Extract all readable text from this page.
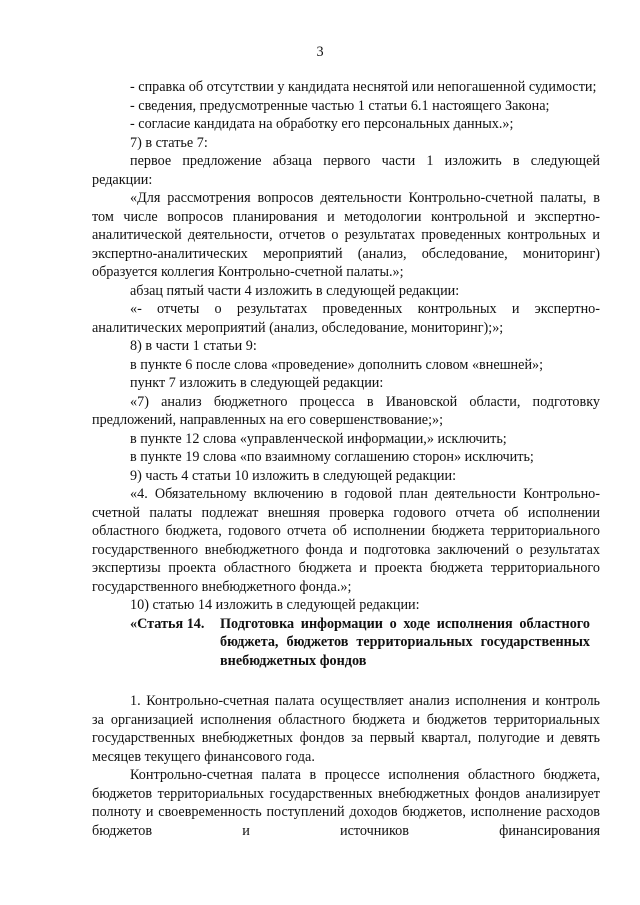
3

- справка об отсутствии у кандидата неснятой или непогашенной судимости;

- сведения, предусмотренные частью 1 статьи 6.1 настоящего Закона;

- согласие кандидата на обработку его персональных данных.»;

7) в статье 7:

первое предложение абзаца первого части 1 изложить в следующей редакции:

«Для рассмотрения вопросов деятельности Контрольно-счетной палаты, в том числе вопросов планирования и методологии контрольной и экспертно-аналитической деятельности, отчетов о результатах проведенных контрольных и экспертно-аналитических мероприятий (анализ, обследование, мониторинг) образуется коллегия Контрольно-счетной палаты.»;

абзац пятый части 4 изложить в следующей редакции:

«- отчеты о результатах проведенных контрольных и экспертно-аналитических мероприятий (анализ, обследование, мониторинг);»;

8) в части 1 статьи 9:

в пункте 6 после слова «проведение» дополнить словом «внешней»;

пункт 7 изложить в следующей редакции:

«7) анализ бюджетного процесса в Ивановской области, подготовку предложений, направленных на его совершенствование;»;

в пункте 12 слова «управленческой информации,» исключить;

в пункте 19 слова «по взаимному соглашению сторон» исключить;

9) часть 4 статьи 10 изложить в следующей редакции:

«4. Обязательному включению в годовой план деятельности Контрольно-счетной палаты подлежат внешняя проверка годового отчета об исполнении областного бюджета, годового отчета об исполнении бюджета территориального государственного внебюджетного фонда и подготовка заключений о результатах экспертизы проекта областного бюджета и проекта бюджета территориального государственного внебюджетного фонда.»;

10) статью 14 изложить в следующей редакции:

«Статья 14.	Подготовка информации о ходе исполнения областного бюджета, бюджетов территориальных государственных внебюджетных фондов

1. Контрольно-счетная палата осуществляет анализ исполнения и контроль за организацией исполнения областного бюджета и бюджетов территориальных государственных внебюджетных фондов за первый квартал, полугодие и девять месяцев текущего финансового года.

Контрольно-счетная палата в процессе исполнения областного бюджета, бюджетов территориальных государственных внебюджетных фондов анализирует полноту и своевременность поступлений доходов бюджетов, исполнение расходов бюджетов и источников финансирования
